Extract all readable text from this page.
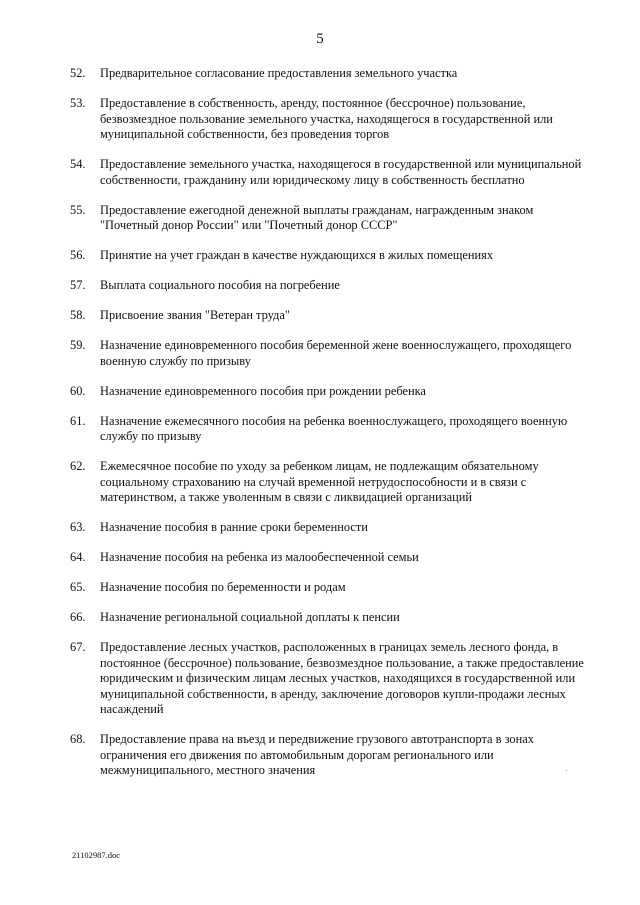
5
52.	Предварительное согласование предоставления земельного участка
53.	Предоставление в собственность, аренду, постоянное (бессрочное) пользование, безвозмездное пользование земельного участка, находящегося в государственной или муниципальной собственности, без проведения торгов
54.	Предоставление земельного участка, находящегося в государственной или муниципальной собственности, гражданину или юридическому лицу в собственность бесплатно
55.	Предоставление ежегодной денежной выплаты гражданам, награжденным знаком "Почетный донор России" или "Почетный донор СССР"
56.	Принятие на учет граждан в качестве нуждающихся в жилых помещениях
57.	Выплата социального пособия на погребение
58.	Присвоение звания "Ветеран труда"
59.	Назначение единовременного пособия беременной жене военнослужащего, проходящего военную службу по призыву
60.	Назначение единовременного пособия при рождении ребенка
61.	Назначение ежемесячного пособия на ребенка военнослужащего, проходящего военную службу по призыву
62.	Ежемесячное пособие по уходу за ребенком лицам, не подлежащим обязательному социальному страхованию на случай временной нетрудоспособности и в связи с материнством, а также уволенным в связи с ликвидацией организаций
63.	Назначение пособия в ранние сроки беременности
64.	Назначение пособия на ребенка из малообеспеченной семьи
65.	Назначение пособия по беременности и родам
66.	Назначение региональной социальной доплаты к пенсии
67.	Предоставление лесных участков, расположенных в границах земель лесного фонда, в постоянное (бессрочное) пользование, безвозмездное пользование, а также предоставление юридическим и физическим лицам лесных участков, находящихся в государственной или муниципальной собственности, в аренду, заключение договоров купли-продажи лесных насаждений
68.	Предоставление права на въезд и передвижение грузового автотранспорта в зонах ограничения его движения по автомобильным дорогам регионального или межмуниципального, местного значения
21102987.doc
